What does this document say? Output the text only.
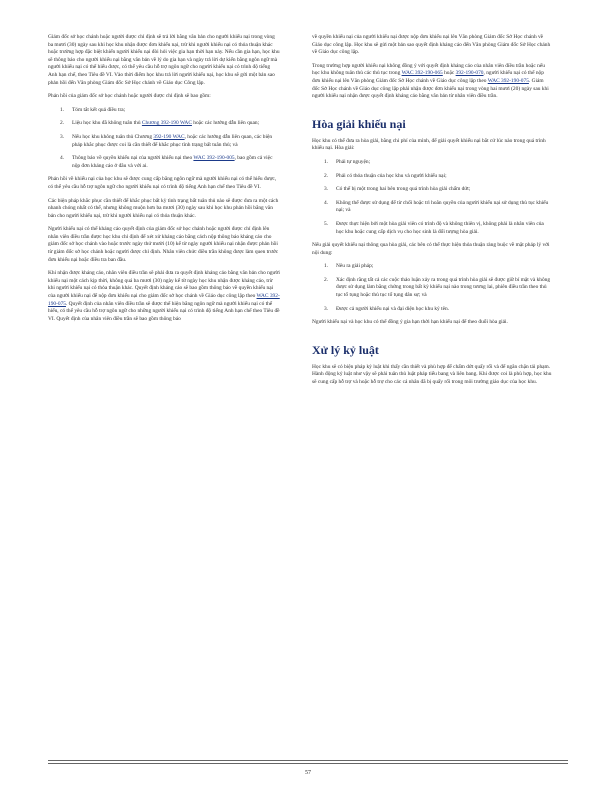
Giám đốc sở học chánh hoặc người được chỉ định sẽ trả lời bằng văn bản cho người khiếu nại trong vòng ba mươi (30) ngày sau khi học khu nhận được đơn khiếu nại, trừ khi người khiếu nại có thỏa thuận khác hoặc trường hợp đặc biệt khiến người khiếu nại đòi hỏi việc gia hạn thời hạn này. Nếu cần gia hạn, học khu sẽ thông báo cho người khiếu nại bằng văn bản về lý do gia hạn và ngày trả lời dự kiến bằng ngôn ngữ mà người khiếu nại có thể hiểu được, có thể yêu cầu hỗ trợ ngôn ngữ cho người khiếu nại có trình độ tiếng Anh hạn chế, theo Tiêu đề VI. Vào thời điểm học khu trả lời người khiếu nại, học khu sẽ gửi một bản sao phản hồi đến Văn phòng Giám đốc Sở Học chánh về Giáo dục Công lập.

Phản hồi của giám đốc sở học chánh hoặc người được chỉ định sẽ bao gồm:

1. Tóm tắt kết quả điều tra;
2. Liệu học khu đã không tuân thủ Chương 392-190 WAC hoặc các hướng dẫn liên quan;
3. Nếu học khu không tuân thủ Chương 392-190 WAC, hoặc các hướng dẫn liên quan, các biện pháp khắc phục được coi là cần thiết để khắc phục tình trạng bất tuân thủ; và
4. Thông báo về quyền khiếu nại của người khiếu nại theo WAC 392-190-005, bao gồm cả việc nộp đơn kháng cáo ở đâu và với ai.

Phản hồi về khiếu nại của học khu sẽ được cung cấp bằng ngôn ngữ mà người khiếu nại có thể hiểu được, có thể yêu cầu hỗ trợ ngôn ngữ cho người khiếu nại có trình độ tiếng Anh hạn chế theo Tiêu đề VI.

Các biện pháp khắc phục cần thiết để khắc phục bất kỳ tình trạng bất tuân thủ nào sẽ được đưa ra một cách nhanh chóng nhất có thể, nhưng không muộn hơn ba mươi (30) ngày sau khi học khu phản hồi bằng văn bản cho người khiếu nại, trừ khi người khiếu nại có thỏa thuận khác.

Người khiếu nại có thể kháng cáo quyết định của giám đốc sở học chánh hoặc người được chỉ định lên nhân viên điều trần được học khu chỉ định để xét xử kháng cáo bằng cách nộp thông báo kháng cáo cho giám đốc sở học chánh vào hoặc trước ngày thứ mười (10) kể từ ngày người khiếu nại nhận được phản hồi từ giám đốc sở học chánh hoặc người được chỉ định. Nhân viên chức điều trần không được làm quen trước đơn khiếu nại hoặc điều tra ban đầu.

Khi nhận được kháng cáo, nhân viên điều trần sẽ phải đưa ra quyết định kháng cáo bằng văn bản cho người khiếu nại một cách kịp thời, không quá ba mươi (30) ngày kể từ ngày học khu nhận được kháng cáo, trừ khi người khiếu nại có thỏa thuận khác. Quyết định kháng cáo sẽ bao gồm thông báo về quyền khiếu nại của người khiếu nại để nộp đơn khiếu nại cho giám đốc sở học chánh về Giáo dục công lập theo WAC 392-190-075. Quyết định của nhân viên điều trần sẽ được thể hiện bằng ngôn ngữ mà người khiếu nại có thể hiểu, có thể yêu cầu hỗ trợ ngôn ngữ cho những người khiếu nại có trình độ tiếng Anh hạn chế theo Tiêu đề VI. Quyết định của nhân viên điều trần sẽ bao gồm thông báo

về quyền khiếu nại của người khiếu nại được nộp đơn khiếu nại lên Văn phòng Giám đốc Sở Học chánh về Giáo dục công lập. Học khu sẽ gửi một bản sao quyết định kháng cáo đến Văn phòng Giám đốc Sở Học chánh về Giáo dục công lập.

Trong trường hợp người khiếu nại không đồng ý với quyết định kháng cáo của nhân viên điều trần hoặc nếu học khu không tuân thủ các thủ tục trong WAC 392-190-065 hoặc 392-190-070, người khiếu nại có thể nộp đơn khiếu nại lên Văn phòng Giám đốc Sở Học chánh về Giáo dục công lập theo WAC 392-190-075. Giám đốc Sở Học chánh về Giáo dục công lập phải nhận được đơn khiếu nại trong vòng hai mươi (20) ngày sau khi người khiếu nại nhận được quyết định kháng cáo bằng văn bản từ nhân viên điều trần.

Hòa giải khiếu nại

Học khu có thể đưa ra hòa giải, bằng chi phí của mình, để giải quyết khiếu nại bắt cứ lúc nào trong quá trình khiếu nại. Hòa giải:

1. Phải tự nguyện;
2. Phải có thỏa thuận của học khu và người khiếu nại;
3. Có thể bị một trong hai bên trong quá trình hòa giải chấm dứt;
4. Không thể được sử dụng để từ chối hoặc trì hoãn quyền của người khiếu nại sử dụng thủ tục khiếu nại; và
5. Được thực hiện bởi một hòa giải viên có trình độ và không thiên vị, không phải là nhân viên của học khu hoặc cung cấp dịch vụ cho học sinh là đối tượng hòa giải.

Nếu giải quyết khiếu nại thông qua hòa giải, các bên có thể thực hiện thỏa thuận ràng buộc về mặt pháp lý với nội dung:

1. Nêu ra giải pháp;
2. Xác định rằng tất cả các cuộc thảo luận xảy ra trong quá trình hòa giải sẽ được giữ bí mật và không được sử dụng làm bằng chứng trong bất kỳ khiếu nại nào trong tương lai, phiên điều trần theo thủ tục tố tụng hoặc thủ tục tố tụng dân sự; và
3. Được cả người khiếu nại và đại diện học khu ký tên.

Người khiếu nại và học khu có thể đồng ý gia hạn thời hạn khiếu nại để theo đuổi hòa giải.

Xử lý kỷ luật

Học khu sẽ có biện pháp kỷ luật khi thấy cần thiết và phù hợp để chấm dứt quấy rối và để ngăn chặn tái phạm. Hành động kỷ luật như vậy sẽ phải tuân thủ luật pháp tiểu bang và liên bang. Khi được coi là phù hợp, học khu sẽ cung cấp hỗ trợ và hoặc hỗ trợ cho các cá nhân đã bị quấy rối trong môi trường giáo dục của học khu.

57
